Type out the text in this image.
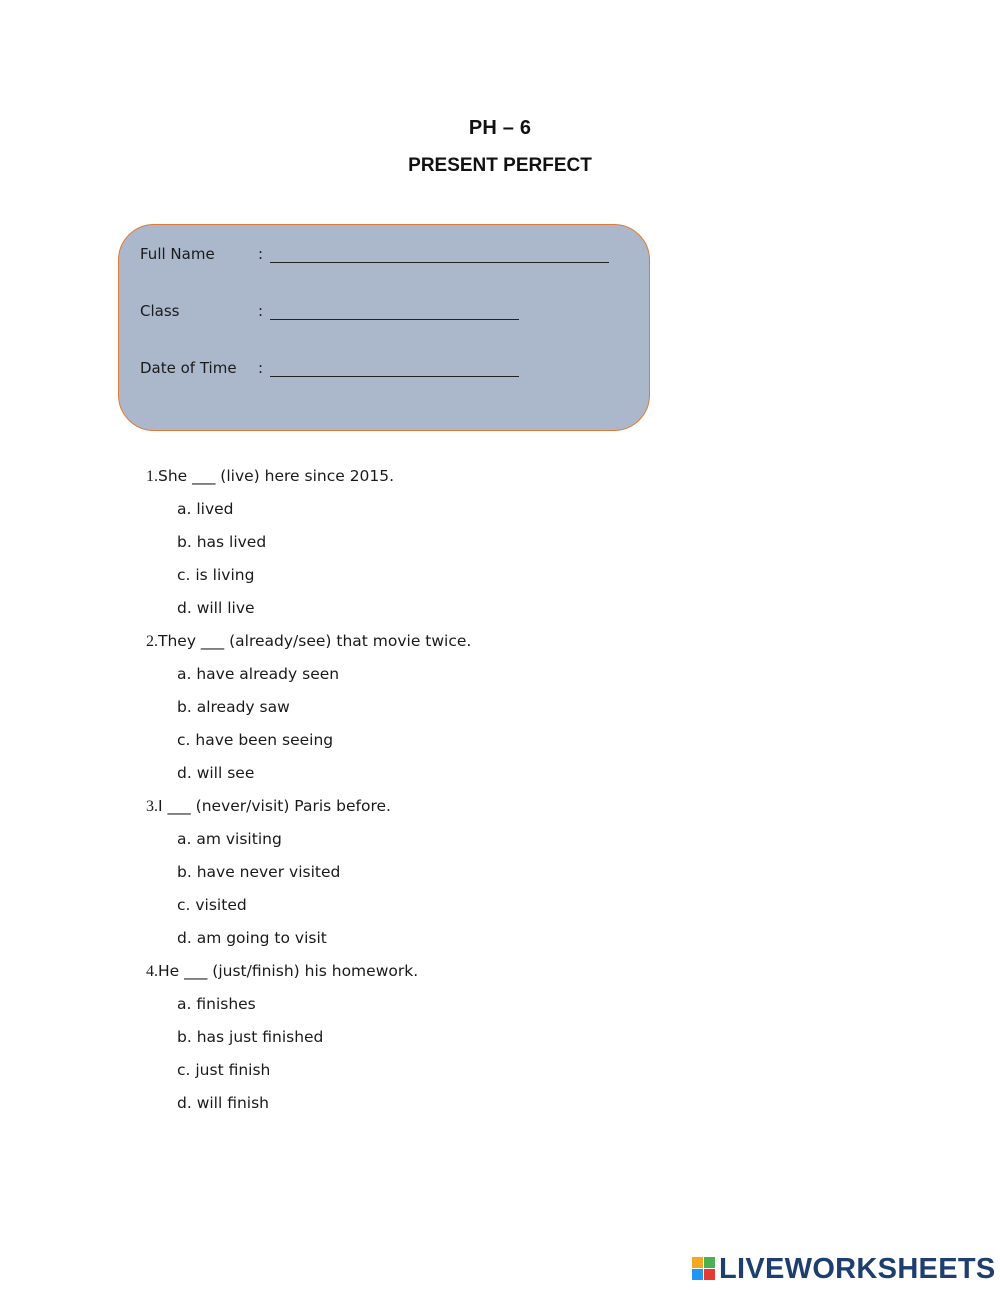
PH – 6
PRESENT PERFECT
Full Name	:
Class	:
Date of Time :
1.She ___ (live) here since 2015.
a. lived
b. has lived
c. is living
d. will live
2.They ___ (already/see) that movie twice.
a. have already seen
b. already saw
c. have been seeing
d. will see
3.I ___ (never/visit) Paris before.
a. am visiting
b. have never visited
c. visited
d. am going to visit
4.He ___ (just/finish) his homework.
a. finishes
b. has just finished
c. just finish
d. will finish
LIVEWORKSHEETS
